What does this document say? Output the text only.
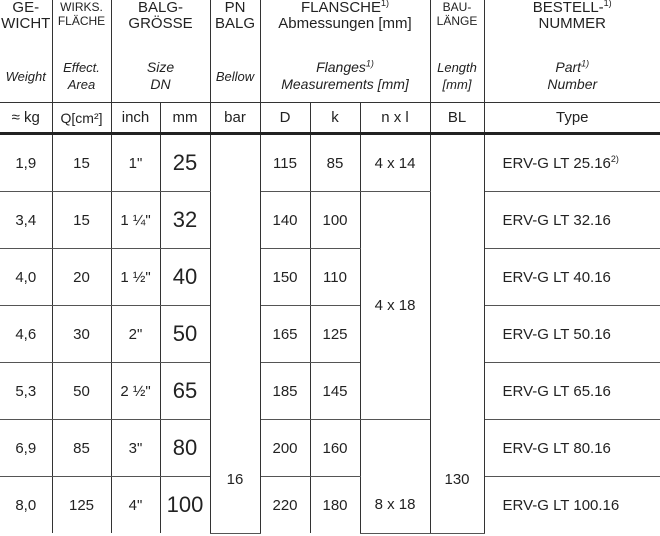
GE-
WICHT	WIRKS.
FLÄCHE	BALG-
GRÖSSE		PN
BALG	FLANSCHE$^{1)}$
Abmessungen [mm]			BAU-
LÄNGE	BESTELL-$^{1)}$
NUMMER
Weight	Effect.
Area	Size
DN		Bellow	Flanges$^{1)}$
Measurements [mm]			Length
[mm]	Part$^{1)}$
Number
≈ kg	Q[cm²]	inch	mm	bar	D	k	n x l	BL	Type
1,9	15	1"	25	16	115	85	4 x 14	130	ERV-G LT 25.16$^{2)}$
3,4	15	1 ¼"	32		140	100	4 x 18		ERV-G LT 32.16
4,0	20	1 ½"	40		150	110			ERV-G LT 40.16
4,6	30	2"	50		165	125			ERV-G LT 50.16
5,3	50	2 ½"	65		185	145			ERV-G LT 65.16
6,9	85	3"	80		200	160	8 x 18		ERV-G LT 80.16
8,0	125	4"	100		220	180			ERV-G LT 100.16
